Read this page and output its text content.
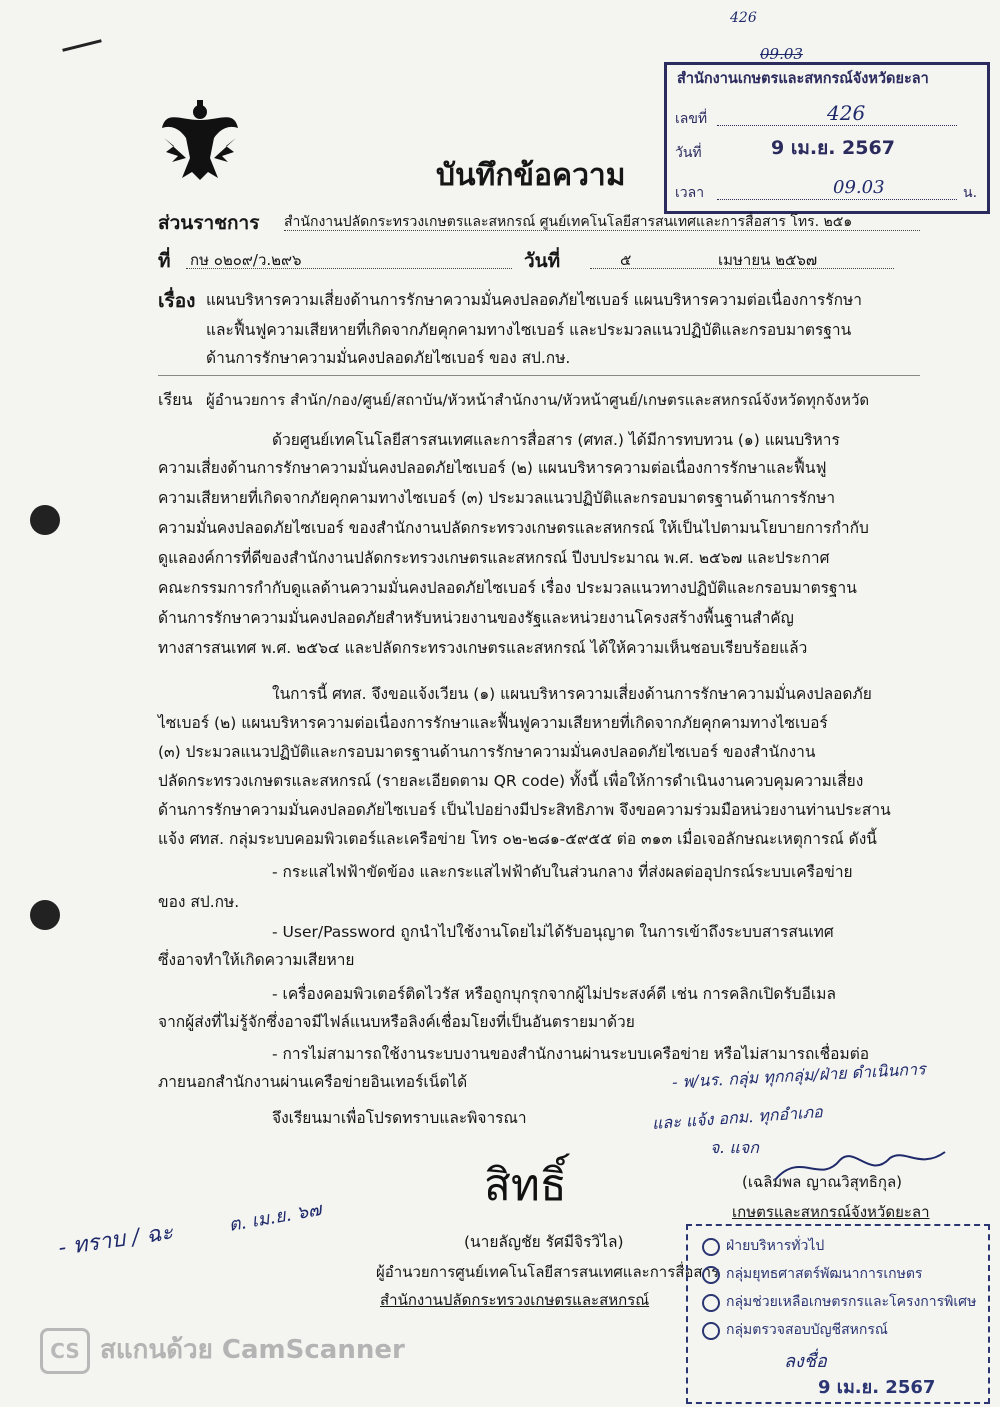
426
บันทึกข้อความ
09.03
สำนักงานเกษตรและสหกรณ์จังหวัดยะลา
เลขที่	426
วันที่	9 เม.ย. 2567
เวลา	09.03	น.
ส่วนราชการ สำนักงานปลัดกระทรวงเกษตรและสหกรณ์ ศูนย์เทคโนโลยีสารสนเทศและการสื่อสาร โทร. ๒๕๑
ที่ กษ ๐๒๐๙/ว.๒๙๖	วันที่	๕	เมษายน ๒๕๖๗
เรื่อง แผนบริหารความเสี่ยงด้านการรักษาความมั่นคงปลอดภัยไซเบอร์ แผนบริหารความต่อเนื่องการรักษา
และฟื้นฟูความเสียหายที่เกิดจากภัยคุกคามทางไซเบอร์ และประมวลแนวปฏิบัติและกรอบมาตรฐาน
ด้านการรักษาความมั่นคงปลอดภัยไซเบอร์ ของ สป.กษ.
เรียน ผู้อำนวยการ สำนัก/กอง/ศูนย์/สถาบัน/หัวหน้าสำนักงาน/หัวหน้าศูนย์/เกษตรและสหกรณ์จังหวัดทุกจังหวัด
ด้วยศูนย์เทคโนโลยีสารสนเทศและการสื่อสาร (ศทส.) ได้มีการทบทวน (๑) แผนบริหาร
ความเสี่ยงด้านการรักษาความมั่นคงปลอดภัยไซเบอร์ (๒) แผนบริหารความต่อเนื่องการรักษาและฟื้นฟู
ความเสียหายที่เกิดจากภัยคุกคามทางไซเบอร์ (๓) ประมวลแนวปฏิบัติและกรอบมาตรฐานด้านการรักษา
ความมั่นคงปลอดภัยไซเบอร์ ของสำนักงานปลัดกระทรวงเกษตรและสหกรณ์ ให้เป็นไปตามนโยบายการกำกับ
ดูแลองค์การที่ดีของสำนักงานปลัดกระทรวงเกษตรและสหกรณ์ ปีงบประมาณ พ.ศ. ๒๕๖๗ และประกาศ
คณะกรรมการกำกับดูแลด้านความมั่นคงปลอดภัยไซเบอร์ เรื่อง ประมวลแนวทางปฏิบัติและกรอบมาตรฐาน
ด้านการรักษาความมั่นคงปลอดภัยสำหรับหน่วยงานของรัฐและหน่วยงานโครงสร้างพื้นฐานสำคัญ
ทางสารสนเทศ พ.ศ. ๒๕๖๔ และปลัดกระทรวงเกษตรและสหกรณ์ ได้ให้ความเห็นชอบเรียบร้อยแล้ว
ในการนี้ ศทส. จึงขอแจ้งเวียน (๑) แผนบริหารความเสี่ยงด้านการรักษาความมั่นคงปลอดภัย
ไซเบอร์ (๒) แผนบริหารความต่อเนื่องการรักษาและฟื้นฟูความเสียหายที่เกิดจากภัยคุกคามทางไซเบอร์
(๓) ประมวลแนวปฏิบัติและกรอบมาตรฐานด้านการรักษาความมั่นคงปลอดภัยไซเบอร์ ของสำนักงาน
ปลัดกระทรวงเกษตรและสหกรณ์ (รายละเอียดตาม QR code) ทั้งนี้ เพื่อให้การดำเนินงานควบคุมความเสี่ยง
ด้านการรักษาความมั่นคงปลอดภัยไซเบอร์ เป็นไปอย่างมีประสิทธิภาพ จึงขอความร่วมมือหน่วยงานท่านประสาน
แจ้ง ศทส. กลุ่มระบบคอมพิวเตอร์และเครือข่าย โทร ๐๒-๒๘๑-๕๙๕๕ ต่อ ๓๑๓ เมื่อเจอลักษณะเหตุการณ์ ดังนี้
- กระแสไฟฟ้าขัดข้อง และกระแสไฟฟ้าดับในส่วนกลาง ที่ส่งผลต่ออุปกรณ์ระบบเครือข่าย
ของ สป.กษ.
- User/Password ถูกนำไปใช้งานโดยไม่ได้รับอนุญาต ในการเข้าถึงระบบสารสนเทศ
ซึ่งอาจทำให้เกิดความเสียหาย
- เครื่องคอมพิวเตอร์ติดไวรัส หรือถูกบุกรุกจากผู้ไม่ประสงค์ดี เช่น การคลิกเปิดรับอีเมล
จากผู้ส่งที่ไม่รู้จักซึ่งอาจมีไฟล์แนบหรือลิงค์เชื่อมโยงที่เป็นอันตรายมาด้วย
- การไม่สามารถใช้งานระบบงานของสำนักงานผ่านระบบเครือข่าย หรือไม่สามารถเชื่อมต่อ
ภายนอกสำนักงานผ่านเครือข่ายอินเทอร์เน็ตได้
จึงเรียนมาเพื่อโปรดทราบและพิจารณา
สิทธิ์
(นายลัญชัย รัศมีจิรวิไล)
ผู้อำนวยการศูนย์เทคโนโลยีสารสนเทศและการสื่อสาร
สำนักงานปลัดกระทรวงเกษตรและสหกรณ์
- ทราบ / ฉะ
ต. เม.ย. ๖๗
- พ/นร. กลุ่ม ทุกกลุ่ม/ฝ่าย ดำเนินการ
และ แจ้ง อกม. ทุกอำเภอ
จ. แจก
(เฉลิมพล ญาณวิสุทธิกุล)
เกษตรและสหกรณ์จังหวัดยะลา
ฝ่ายบริหารทั่วไป
กลุ่มยุทธศาสตร์พัฒนาการเกษตร
กลุ่มช่วยเหลือเกษตรกรและโครงการพิเศษ
กลุ่มตรวจสอบบัญชีสหกรณ์
ลงชื่อ
9 เม.ย. 2567
CS สแกนด้วย CamScanner
